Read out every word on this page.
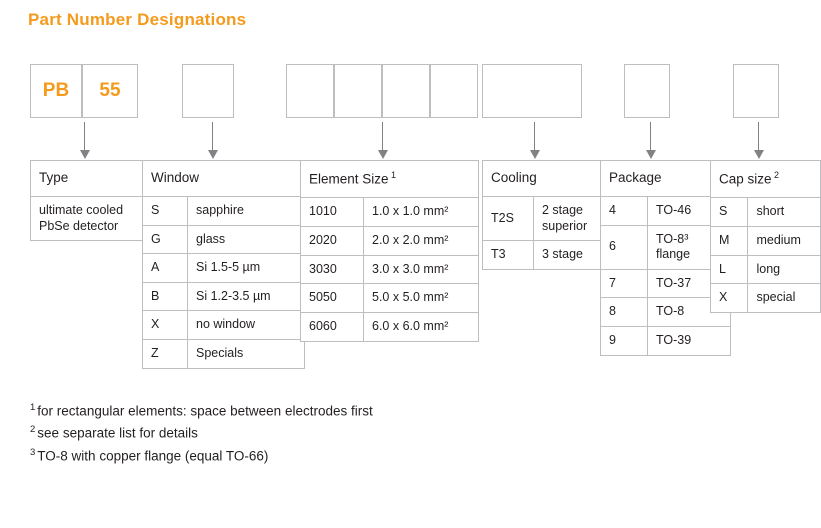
Part Number Designations
PB	55
Type
ultimate cooled
PbSe detector
Window	
S	sapphire
G	glass
A	Si 1.5-5 µm
B	Si 1.2-3.5 µm
X	no window
Z	Specials
Element Size $^1$
1010	1.0 x 1.0 mm²
2020	2.0 x 2.0 mm²
3030	3.0 x 3.0 mm²
5050	5.0 x 5.0 mm²
6060	6.0 x 6.0 mm²
Cooling	
T2S	2 stage
superior
T3	3 stage
Package	
4	TO-46
6	TO-8³
flange
7	TO-37
8	TO-8
9	TO-39
Cap size $^2$
S	short
M	medium
L	long
X	special
$^1$ for rectangular elements: space between electrodes first
$^2$ see separate list for details
$^3$ TO-8 with copper flange (equal TO-66)
